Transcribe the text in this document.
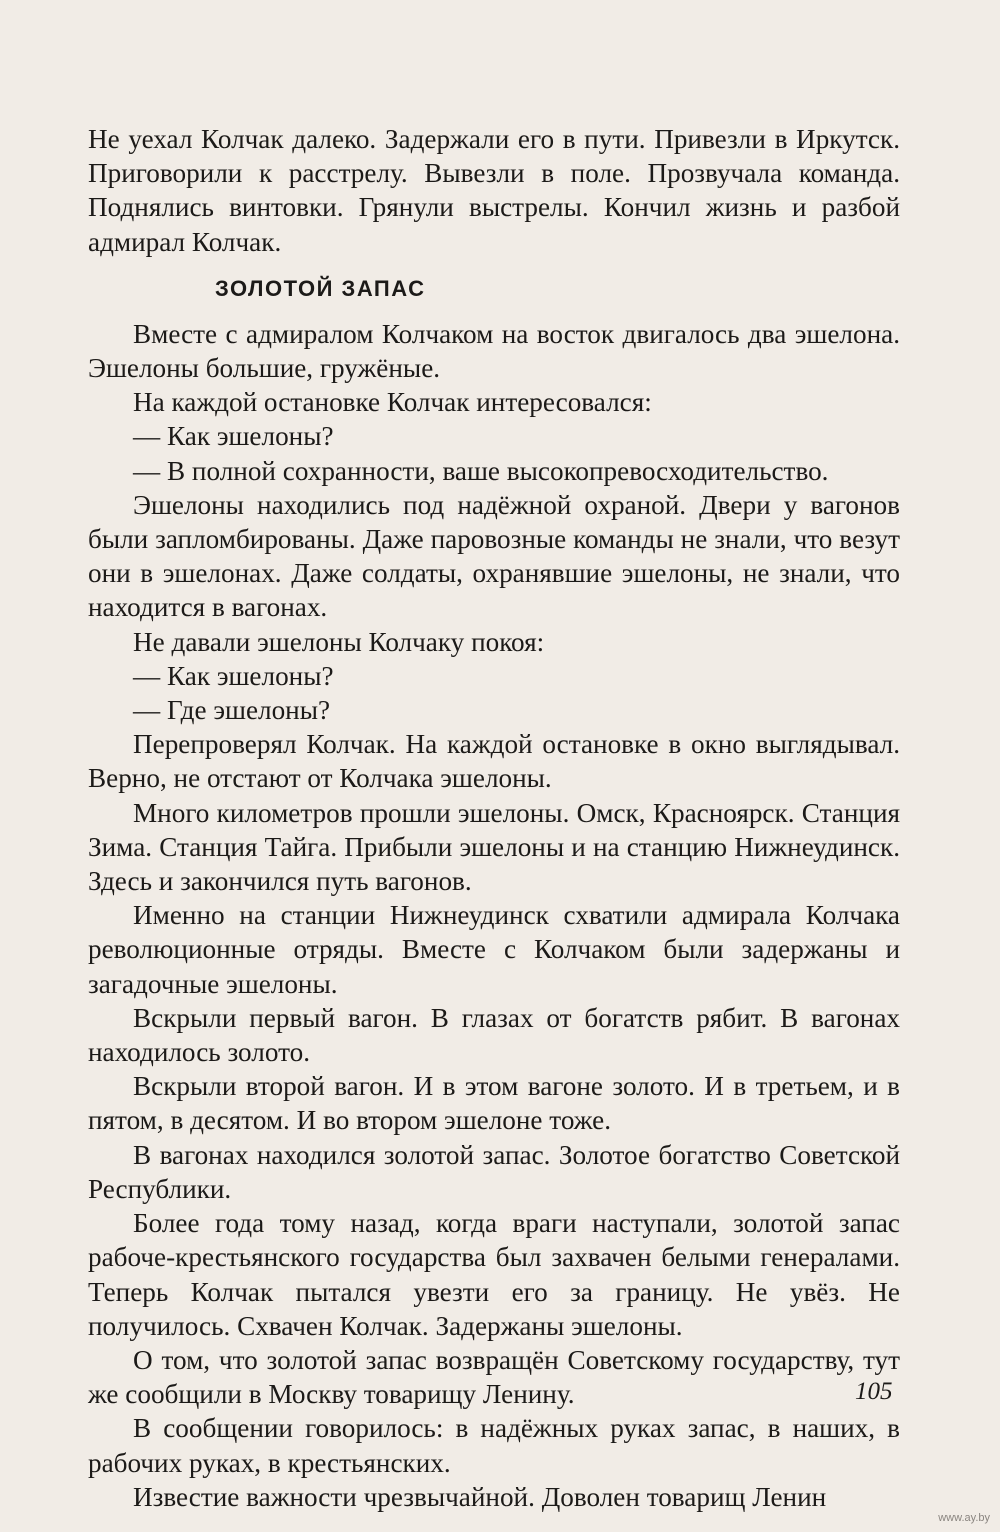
Не уехал Колчак далеко. Задержали его в пути. Привезли в Иркутск. Приговорили к расстрелу. Вывезли в поле. Прозвучала команда. Поднялись винтовки. Грянули выстрелы. Кончил жизнь и разбой адмирал Колчак.

ЗОЛОТОЙ ЗАПАС

Вместе с адмиралом Колчаком на восток двигалось два эшелона. Эшелоны большие, гружёные.

На каждой остановке Колчак интересовался:

— Как эшелоны?

— В полной сохранности, ваше высокопревосходительство.

Эшелоны находились под надёжной охраной. Двери у вагонов были запломбированы. Даже паровозные команды не знали, что везут они в эшелонах. Даже солдаты, охранявшие эшелоны, не знали, что находится в вагонах.

Не давали эшелоны Колчаку покоя:

— Как эшелоны?

— Где эшелоны?

Перепроверял Колчак. На каждой остановке в окно выглядывал. Верно, не отстают от Колчака эшелоны.

Много километров прошли эшелоны. Омск, Красноярск. Станция Зима. Станция Тайга. Прибыли эшелоны и на станцию Нижнеудинск. Здесь и закончился путь вагонов.

Именно на станции Нижнеудинск схватили адмирала Колчака революционные отряды. Вместе с Колчаком были задержаны и загадочные эшелоны.

Вскрыли первый вагон. В глазах от богатств рябит. В вагонах находилось золото.

Вскрыли второй вагон. И в этом вагоне золото. И в третьем, и в пятом, в десятом. И во втором эшелоне тоже.

В вагонах находился золотой запас. Золотое богатство Советской Республики.

Более года тому назад, когда враги наступали, золотой запас рабоче-крестьянского государства был захвачен белыми генералами. Теперь Колчак пытался увезти его за границу. Не увёз. Не получилось. Схвачен Колчак. Задержаны эшелоны.

О том, что золотой запас возвращён Советскому государству, тут же сообщили в Москву товарищу Ленину.

В сообщении говорилось: в надёжных руках запас, в наших, в рабочих руках, в крестьянских.

Известие важности чрезвычайной. Доволен товарищ Ленин

105
www.ay.by
